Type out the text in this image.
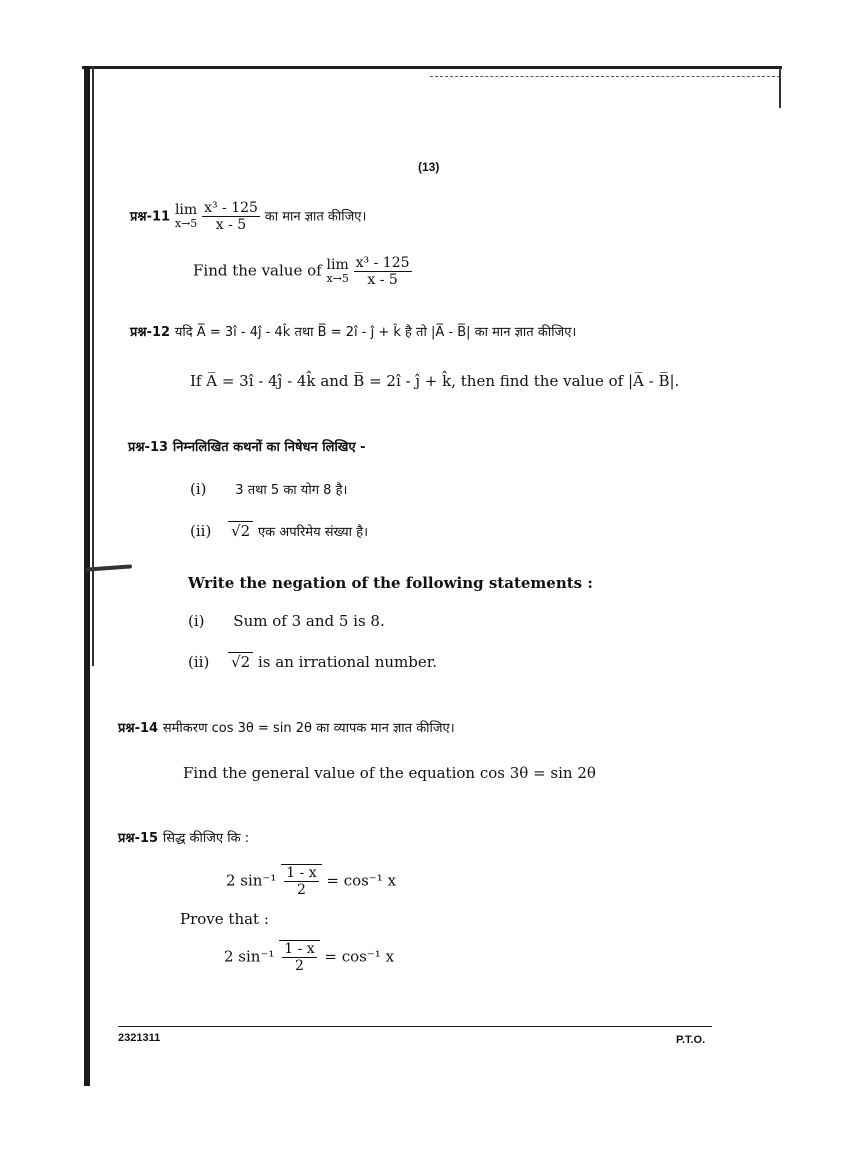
(13)
प्रश्न-11 lim
x→5
$\frac{\text{x³ - 125}}{x - 5}$ का मान ज्ञात कीजिए।
Find the value of lim
x→5
$\frac{\text{x³ - 125}}{x - 5}$
प्रश्न-12 यदि A̅ = 3î - 4ĵ - 4k̂ तथा B̅ = 2î - ĵ + k̂ है तो |A̅ - B̅| का मान ज्ञात कीजिए।
If A̅ = 3î - 4ĵ - 4k̂ and B̅ = 2î - ĵ + k̂, then find the value of |A̅ - B̅|.
प्रश्न-13 निम्नलिखित कथनों का निषेधन लिखिए -
(i) 3 तथा 5 का योग 8 है।
(ii) √2 एक अपरिमेय संख्या है।
Write the negation of the following statements :
(i) Sum of 3 and 5 is 8.
(ii) √2 is an irrational number.
प्रश्न-14 समीकरण cos 3θ = sin 2θ का व्यापक मान ज्ञात कीजिए।
Find the general value of the equation cos 3θ = sin 2θ
प्रश्न-15 सिद्ध कीजिए कि :
2 $\sin^{-1} \frac{1 - x}{2} = \cos^{-1}$ x
Prove that :
2 $\sin^{-1} \frac{1 - x}{2} = \cos^{-1}$ x
2321311	P.T.O.
